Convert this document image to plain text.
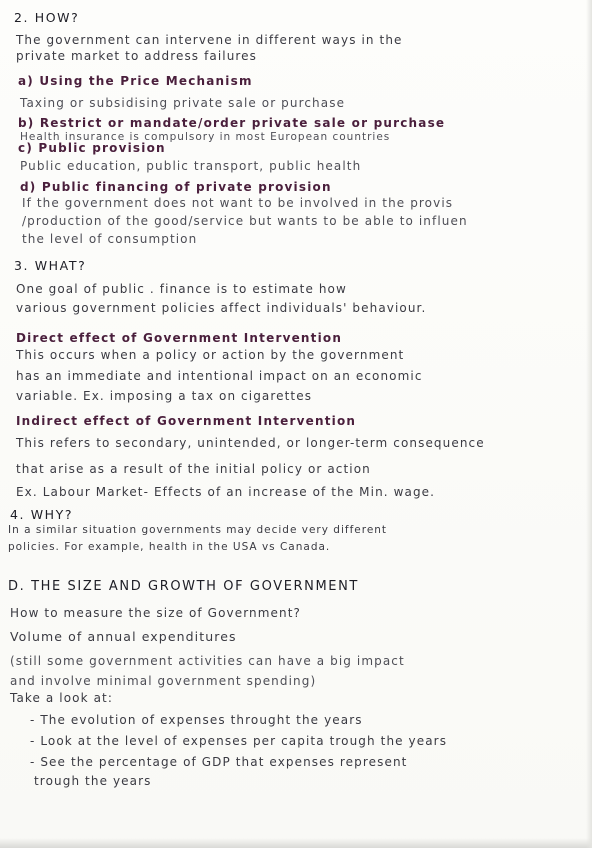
2. HOW?
The government can intervene in different ways in the
private market to address failures
a) Using the Price Mechanism
Taxing or subsidising private sale or purchase
b) Restrict or mandate/order private sale or purchase
Health insurance is compulsory in most European countries
c) Public provision
Public education, public transport, public health
d) Public financing of private provision
If the government does not want to be involved in the provis
/production of the good/service but wants to be able to influen
the level of consumption
3. WHAT?
One goal of public . finance is to estimate how
various government policies affect individuals' behaviour.
Direct effect of Government Intervention
This occurs when a policy or action by the government
has an immediate and intentional impact on an economic
variable. Ex. imposing a tax on cigarettes
Indirect effect of Government Intervention
This refers to secondary, unintended, or longer-term consequence
that arise as a result of the initial policy or action
Ex. Labour Market- Effects of an increase of the Min. wage.
4. WHY?
In a similar situation governments may decide very different
policies. For example, health in the USA vs Canada.
D. THE SIZE AND GROWTH OF GOVERNMENT
How to measure the size of Government?
Volume of annual expenditures
(still some government activities can have a big impact
and involve minimal government spending)
Take a look at:
- The evolution of expenses throught the years
- Look at the level of expenses per capita trough the years
- See the percentage of GDP that expenses represent
trough the years
